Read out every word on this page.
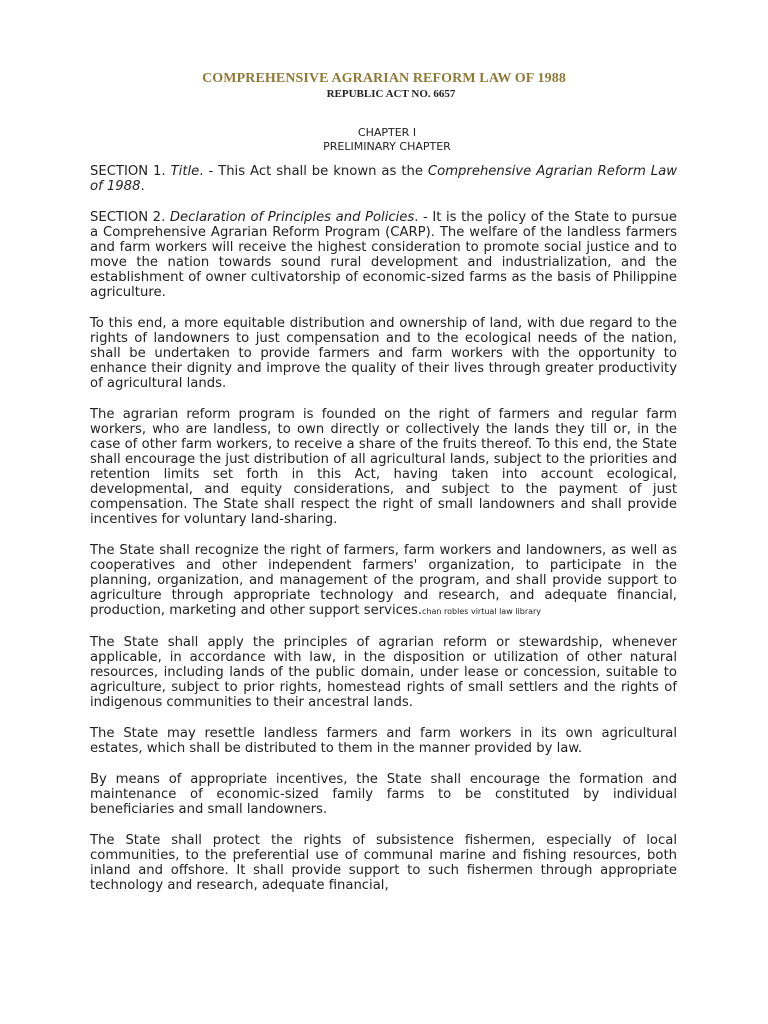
COMPREHENSIVE AGRARIAN REFORM LAW OF 1988
REPUBLIC ACT NO. 6657
CHAPTER I
PRELIMINARY CHAPTER

SECTION 1. Title. - This Act shall be known as the Comprehensive Agrarian Reform Law of 1988.

SECTION 2. Declaration of Principles and Policies. - It is the policy of the State to pursue a Comprehensive Agrarian Reform Program (CARP). The welfare of the landless farmers and farm workers will receive the highest consideration to promote social justice and to move the nation towards sound rural development and industrialization, and the establishment of owner cultivatorship of economic-sized farms as the basis of Philippine agriculture.

To this end, a more equitable distribution and ownership of land, with due regard to the rights of landowners to just compensation and to the ecological needs of the nation, shall be undertaken to provide farmers and farm workers with the opportunity to enhance their dignity and improve the quality of their lives through greater productivity of agricultural lands.

The agrarian reform program is founded on the right of farmers and regular farm workers, who are landless, to own directly or collectively the lands they till or, in the case of other farm workers, to receive a share of the fruits thereof. To this end, the State shall encourage the just distribution of all agricultural lands, subject to the priorities and retention limits set forth in this Act, having taken into account ecological, developmental, and equity considerations, and subject to the payment of just compensation. The State shall respect the right of small landowners and shall provide incentives for voluntary land-sharing.

The State shall recognize the right of farmers, farm workers and landowners, as well as cooperatives and other independent farmers' organization, to participate in the planning, organization, and management of the program, and shall provide support to agriculture through appropriate technology and research, and adequate financial, production, marketing and other support services.chan robles virtual law library

The State shall apply the principles of agrarian reform or stewardship, whenever applicable, in accordance with law, in the disposition or utilization of other natural resources, including lands of the public domain, under lease or concession, suitable to agriculture, subject to prior rights, homestead rights of small settlers and the rights of indigenous communities to their ancestral lands.

The State may resettle landless farmers and farm workers in its own agricultural estates, which shall be distributed to them in the manner provided by law.

By means of appropriate incentives, the State shall encourage the formation and maintenance of economic-sized family farms to be constituted by individual beneficiaries and small landowners.

The State shall protect the rights of subsistence fishermen, especially of local communities, to the preferential use of communal marine and fishing resources, both inland and offshore. It shall provide support to such fishermen through appropriate technology and research, adequate financial,
